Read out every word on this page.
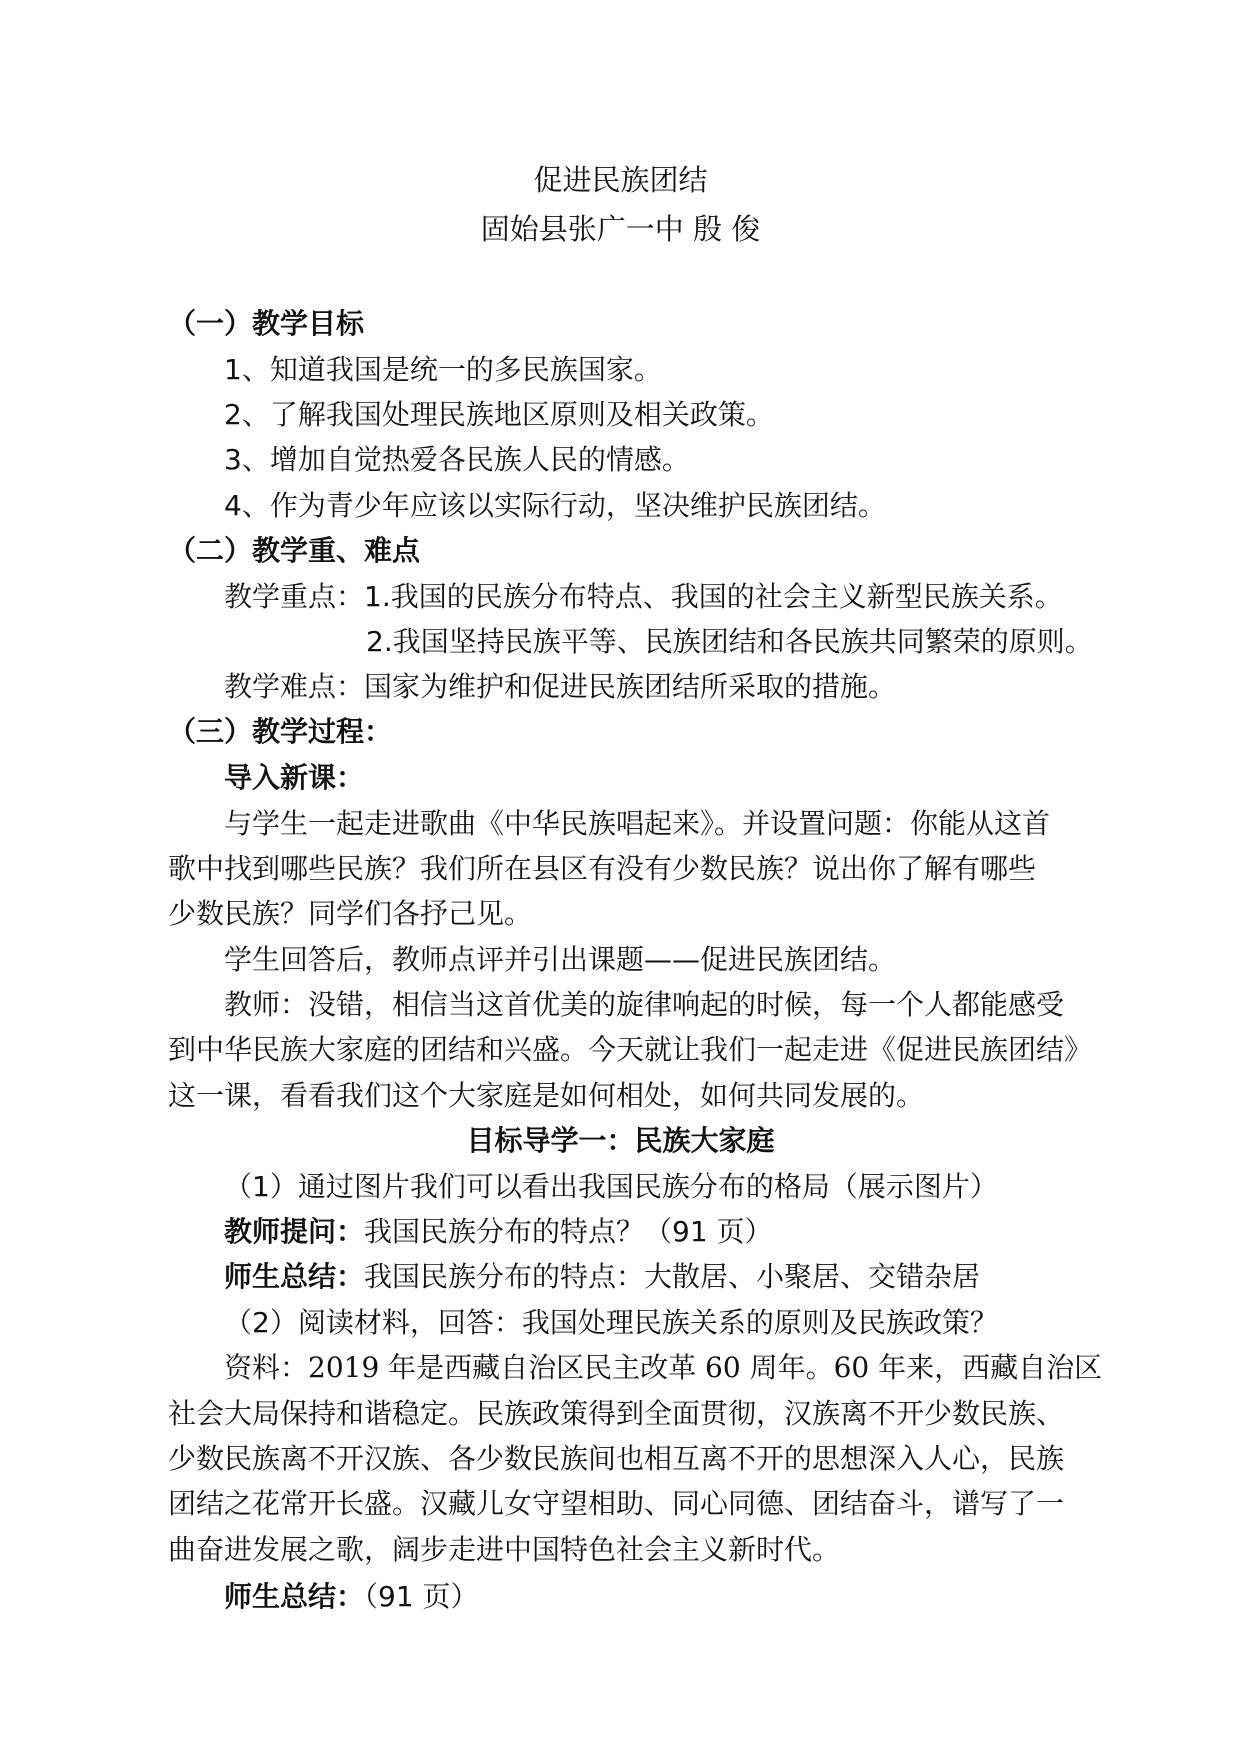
促进民族团结
固始县张广一中 殷 俊
（一）教学目标
1、知道我国是统一的多民族国家。
2、了解我国处理民族地区原则及相关政策。
3、增加自觉热爱各民族人民的情感。
4、作为青少年应该以实际行动，坚决维护民族团结。
（二）教学重、难点
教学重点：1.我国的民族分布特点、我国的社会主义新型民族关系。
2.我国坚持民族平等、民族团结和各民族共同繁荣的原则。
教学难点：国家为维护和促进民族团结所采取的措施。
（三）教学过程：
导入新课：
与学生一起走进歌曲《中华民族唱起来》。并设置问题：你能从这首
歌中找到哪些民族？我们所在县区有没有少数民族？说出你了解有哪些
少数民族？同学们各抒己见。
学生回答后，教师点评并引出课题——促进民族团结。
教师：没错，相信当这首优美的旋律响起的时候，每一个人都能感受
到中华民族大家庭的团结和兴盛。今天就让我们一起走进《促进民族团结》
这一课，看看我们这个大家庭是如何相处，如何共同发展的。
目标导学一：民族大家庭
（1）通过图片我们可以看出我国民族分布的格局（展示图片）
教师提问：我国民族分布的特点？（91 页）
师生总结：我国民族分布的特点：大散居、小聚居、交错杂居
（2）阅读材料，回答：我国处理民族关系的原则及民族政策？
资料：2019 年是西藏自治区民主改革 60 周年。60 年来，西藏自治区
社会大局保持和谐稳定。民族政策得到全面贯彻，汉族离不开少数民族、
少数民族离不开汉族、各少数民族间也相互离不开的思想深入人心，民族
团结之花常开长盛。汉藏儿女守望相助、同心同德、团结奋斗，谱写了一
曲奋进发展之歌，阔步走进中国特色社会主义新时代。
师生总结：（91 页）
